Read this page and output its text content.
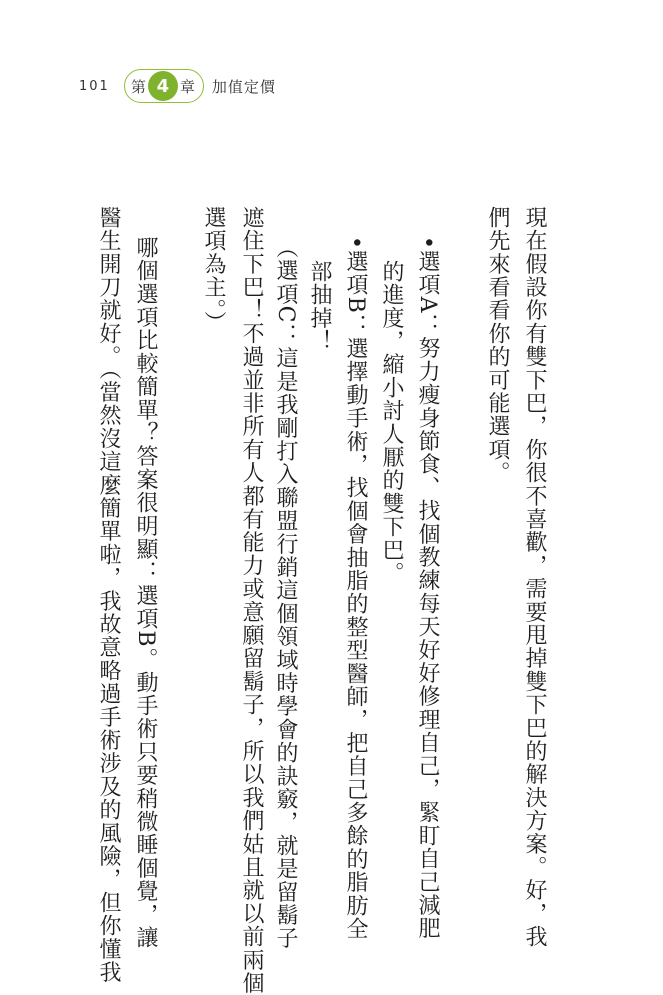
101 第 4 章 加值定價
現在假設你有雙下巴，你很不喜歡，需要甩掉雙下巴的解決方案。好，我
們先來看看你的可能選項。
•選項A：努力瘦身節食、找個教練每天好好修理自己，緊盯自己減肥
的進度，縮小討人厭的雙下巴。
•選項B：選擇動手術，找個會抽脂的整型醫師，把自己多餘的脂肪全
部抽掉！
（選項C：這是我剛打入聯盟行銷這個領域時學會的訣竅，就是留鬍子
遮住下巴！不過並非所有人都有能力或意願留鬍子，所以我們姑且就以前兩個
選項為主。）
哪個選項比較簡單？答案很明顯：選項B。動手術只要稍微睡個覺，讓
醫生開刀就好。（當然沒這麼簡單啦，我故意略過手術涉及的風險，但你懂我
